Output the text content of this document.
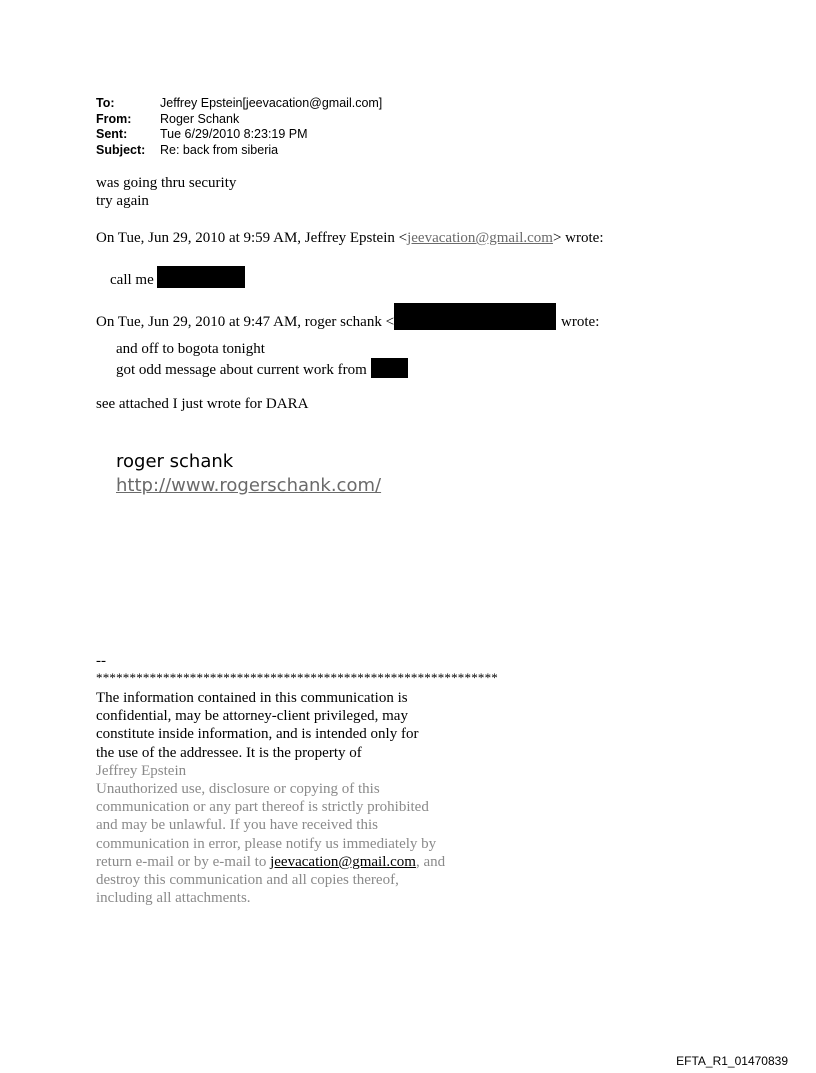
To:	Jeffrey Epstein[jeevacation@gmail.com]
From:	Roger Schank
Sent:	Tue 6/29/2010 8:23:19 PM
Subject:	Re: back from siberia
was going thru security
try again
On Tue, Jun 29, 2010 at 9:59 AM, Jeffrey Epstein <jeevacation@gmail.com> wrote:
call me
On Tue, Jun 29, 2010 at 9:47 AM, roger schank <	wrote:
and off to bogota tonight
got odd message about current work from
see attached I just wrote for DARA
roger schank
http://www.rogerschank.com/
--
************************************************************
The information contained in this communication is
confidential, may be attorney-client privileged, may
constitute inside information, and is intended only for
the use of the addressee. It is the property of
Jeffrey Epstein
Unauthorized use, disclosure or copying of this
communication or any part thereof is strictly prohibited
and may be unlawful. If you have received this
communication in error, please notify us immediately by
return e-mail or by e-mail to jeevacation@gmail.com, and
destroy this communication and all copies thereof,
including all attachments.
EFTA_R1_01470839
